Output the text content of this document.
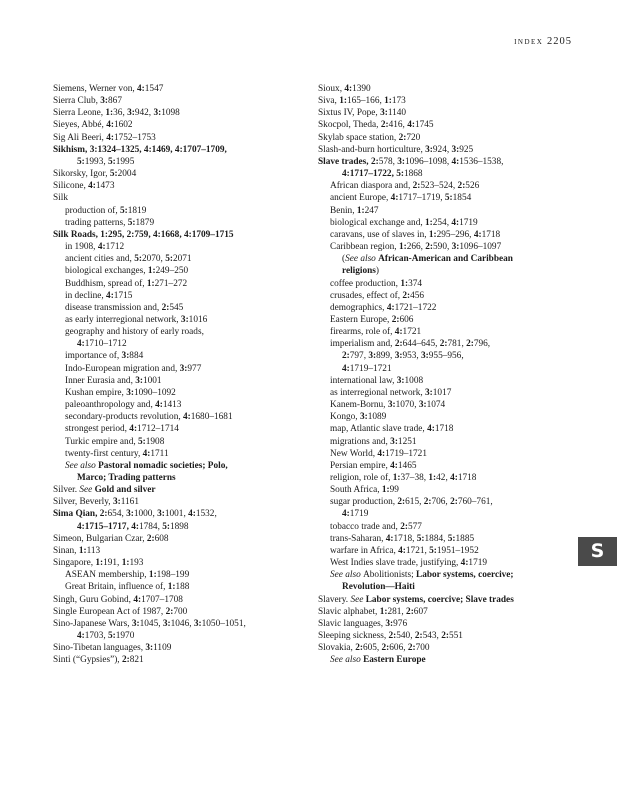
index 2205
Siemens, Werner von, 4:1547
Sierra Club, 3:867
Sierra Leone, 1:36, 3:942, 3:1098
Sieyes, Abbé, 4:1602
Sig Ali Beeri, 4:1752–1753
Sikhism, 3:1324–1325, 4:1469, 4:1707–1709,
5:1993, 5:1995
Sikorsky, Igor, 5:2004
Silicone, 4:1473
Silk
production of, 5:1819
trading patterns, 5:1879
Silk Roads, 1:295, 2:759, 4:1668, 4:1709–1715
in 1908, 4:1712
ancient cities and, 5:2070, 5:2071
biological exchanges, 1:249–250
Buddhism, spread of, 1:271–272
in decline, 4:1715
disease transmission and, 2:545
as early interregional network, 3:1016
geography and history of early roads,
4:1710–1712
importance of, 3:884
Indo-European migration and, 3:977
Inner Eurasia and, 3:1001
Kushan empire, 3:1090–1092
paleoanthropology and, 4:1413
secondary-products revolution, 4:1680–1681
strongest period, 4:1712–1714
Turkic empire and, 5:1908
twenty-first century, 4:1711
See also Pastoral nomadic societies; Polo,
Marco; Trading patterns
Silver. See Gold and silver
Silver, Beverly, 3:1161
Sima Qian, 2:654, 3:1000, 3:1001, 4:1532,
4:1715–1717, 4:1784, 5:1898
Simeon, Bulgarian Czar, 2:608
Sinan, 1:113
Singapore, 1:191, 1:193
ASEAN membership, 1:198–199
Great Britain, influence of, 1:188
Singh, Guru Gobind, 4:1707–1708
Single European Act of 1987, 2:700
Sino-Japanese Wars, 3:1045, 3:1046, 3:1050–1051,
4:1703, 5:1970
Sino-Tibetan languages, 3:1109
Sinti (“Gypsies”), 2:821
Sioux, 4:1390
Siva, 1:165–166, 1:173
Sixtus IV, Pope, 3:1140
Skocpol, Theda, 2:416, 4:1745
Skylab space station, 2:720
Slash-and-burn horticulture, 3:924, 3:925
Slave trades, 2:578, 3:1096–1098, 4:1536–1538,
4:1717–1722, 5:1868
African diaspora and, 2:523–524, 2:526
ancient Europe, 4:1717–1719, 5:1854
Benin, 1:247
biological exchange and, 1:254, 4:1719
caravans, use of slaves in, 1:295–296, 4:1718
Caribbean region, 1:266, 2:590, 3:1096–1097
(See also African-American and Caribbean
religions)
coffee production, 1:374
crusades, effect of, 2:456
demographics, 4:1721–1722
Eastern Europe, 2:606
firearms, role of, 4:1721
imperialism and, 2:644–645, 2:781, 2:796,
2:797, 3:899, 3:953, 3:955–956,
4:1719–1721
international law, 3:1008
as interregional network, 3:1017
Kanem-Bornu, 3:1070, 3:1074
Kongo, 3:1089
map, Atlantic slave trade, 4:1718
migrations and, 3:1251
New World, 4:1719–1721
Persian empire, 4:1465
religion, role of, 1:37–38, 1:42, 4:1718
South Africa, 1:99
sugar production, 2:615, 2:706, 2:760–761,
4:1719
tobacco trade and, 2:577
trans-Saharan, 4:1718, 5:1884, 5:1885
warfare in Africa, 4:1721, 5:1951–1952
West Indies slave trade, justifying, 4:1719
See also Abolitionists; Labor systems, coercive;
Revolution—Haiti
Slavery. See Labor systems, coercive; Slave trades
Slavic alphabet, 1:281, 2:607
Slavic languages, 3:976
Sleeping sickness, 2:540, 2:543, 2:551
Slovakia, 2:605, 2:606, 2:700
See also Eastern Europe
S
